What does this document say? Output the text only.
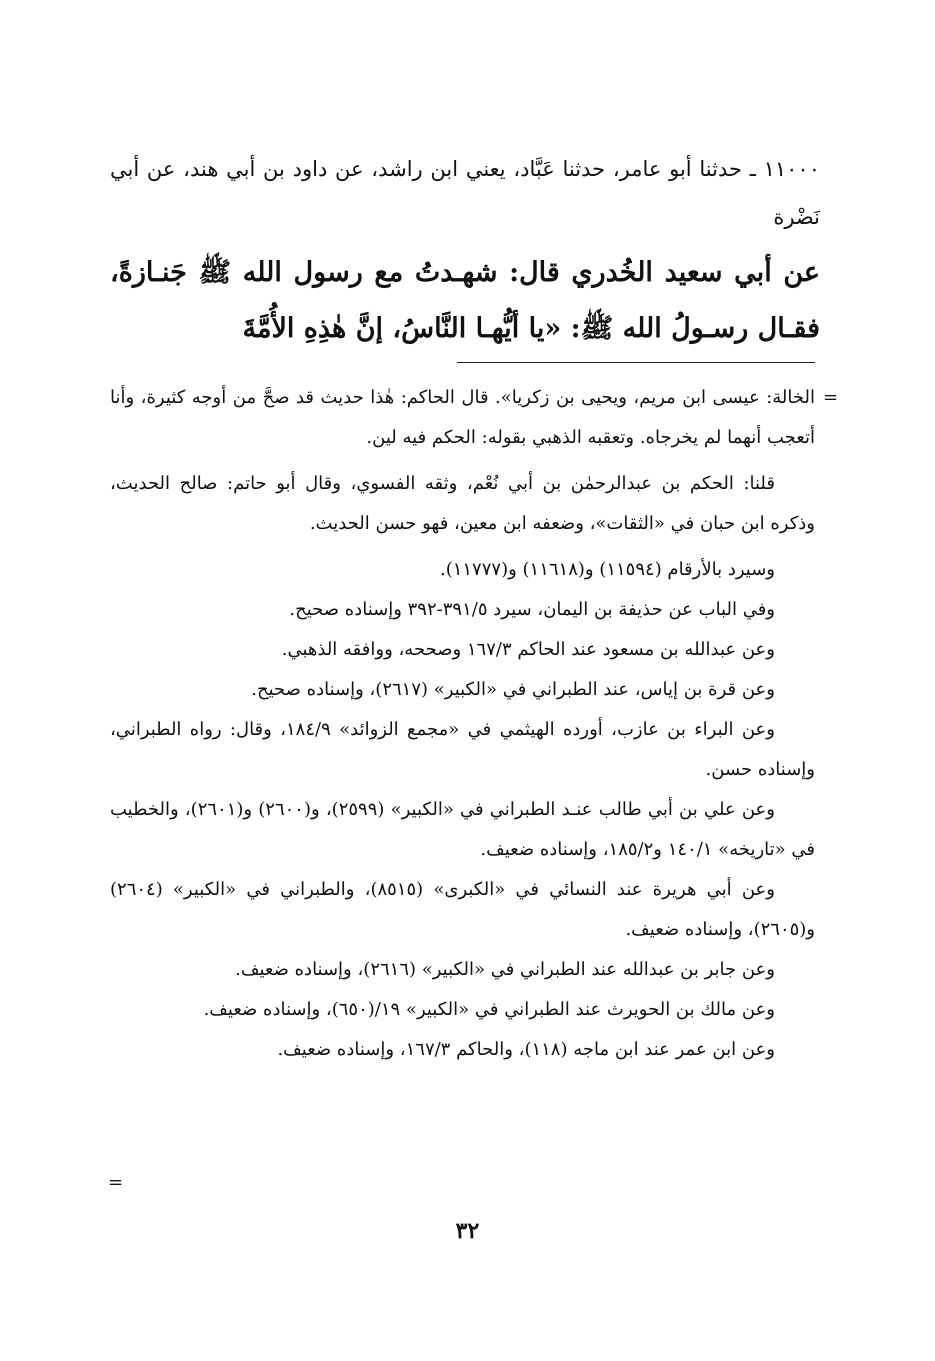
١١٠٠٠ ـ حدثنا أبو عامر، حدثنا عَبَّاد، يعني ابن راشد، عن داود بن أبي هند، عن أبي نَضْرة

عن أبي سعيد الخُدري قال: شهـدتُ مع رسول الله ﷺ جَنـازةً، فقـال رسـولُ الله ﷺ: «يا أيُّهـا النَّاسُ، إنَّ هٰذِهِ الأُمَّةَ

=

الخالة: عيسى ابن مريم، ويحيى بن زكريا». قال الحاكم: هٰذا حديث قد صحَّ من أوجه كثيرة، وأنا أتعجب أنهما لم يخرجاه. وتعقبه الذهبي بقوله: الحكم فيه لين.

قلنا: الحكم بن عبدالرحمٰن بن أبي نُعْم، وثقه الفسوي، وقال أبو حاتم: صالح الحديث، وذكره ابن حبان في «الثقات»، وضعفه ابن معين، فهو حسن الحديث.

وسيرد بالأرقام (١١٥٩٤) و(١١٦١٨) و(١١٧٧٧).

وفي الباب عن حذيفة بن اليمان، سيرد ٣٩١/٥-٣٩٢ وإسناده صحيح.

وعن عبدالله بن مسعود عند الحاكم ١٦٧/٣ وصححه، ووافقه الذهبي.

وعن قرة بن إياس، عند الطبراني في «الكبير» (٢٦١٧)، وإسناده صحيح.

وعن البراء بن عازب، أورده الهيثمي في «مجمع الزوائد» ١٨٤/٩، وقال: رواه الطبراني، وإسناده حسن.

وعن علي بن أبي طالب عنـد الطبراني في «الكبير» (٢٥٩٩)، و(٢٦٠٠) و(٢٦٠١)، والخطيب في «تاريخه» ١٤٠/١ و١٨٥/٢، وإسناده ضعيف.

وعن أبي هريرة عند النسائي في «الكبرى» (٨٥١٥)، والطبراني في «الكبير» (٢٦٠٤) و(٢٦٠٥)، وإسناده ضعيف.

وعن جابر بن عبدالله عند الطبراني في «الكبير» (٢٦١٦)، وإسناده ضعيف.

وعن مالك بن الحويرث عند الطبراني في «الكبير» ١٩/(٦٥٠)، وإسناده ضعيف.

وعن ابن عمر عند ابن ماجه (١١٨)، والحاكم ١٦٧/٣، وإسناده ضعيف.

=
٣٢
